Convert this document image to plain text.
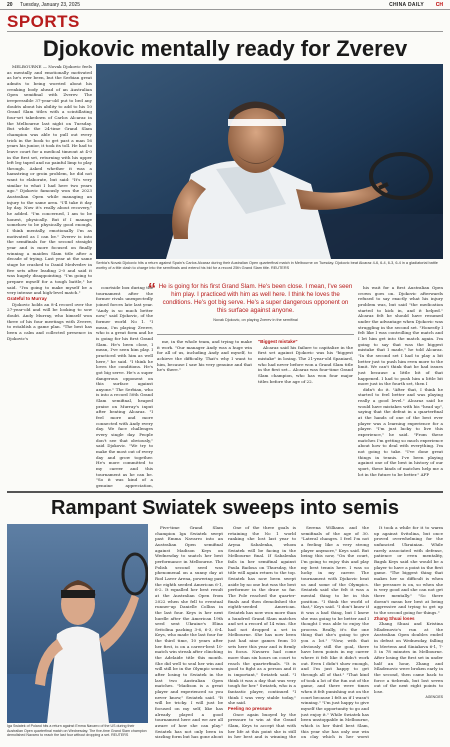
20 Tuesday, January 23, 2025	CHINA DAILY CH
SPORTS
Djokovic mentally ready for Zverev

MELBOURNE — Novak Djokovic feels as mentally and emotionally motivated as he's ever been, but the Serbian great admits to being worried about his creaking body ahead of an Australian Open semifinal with Zverev. The irrepressible 37-year-old put to bed any doubts about his ability to add to his 10 Grand Slam titles with a scintillating four-set takedown of Carlos Alcaraz in the Melbourne last night on Tuesday. But while the 24-time Grand Slam champion was able to pull out every trick in the book to get past a man 16 years his junior, it took its toll. He had to leave court for a medical timeout at 4-0 in the first set, returning with his upper left leg taped and no painful limp to play through. Asked whether it was a hamstring or groin problem, he did not want to elaborate, but said: "It's very similar to what I had here two years ago." Djokovic famously won the 2023 Australian Open while managing an injury to the same area. "I'll take it day by day. Now it's really about recovery," he added. "I'm concerned, I am to be honest, physically. But if I manage somehow to be physically good enough, I think mentally, emotionally I'm as motivated as I can be." Zverev is into the semifinals for the second straight year and is more focused on finally winning a maiden Slam title after a decade of trying. Last year at the same stage he crashed to Daniil Medvedev in five sets after leading 2-0 and said it was hugely disappointing. "I'm going to prepare myself for a tough battle," he said. "I'm going to make myself be a very intense and high-level match."

Grateful to Murray

Djokovic holds an 8-4 record over the 27-year-old and will be looking to sow doubt. Andy Murray, who himself won three of his four meetings with Zverev, to establish a game plan. "The best has been a calm and collected presence in Djokovic's

Serbia's Novak Djokovic hits a return against Spain's Carlos Alcaraz during their Australian Open quarterfinal match in Melbourne on Tuesday. Djokovic beat Alcaraz 4-6, 6-4, 6-3, 6-4 in a gladiatorial battle worthy of a title clash to charge into the semifinals and extend his bid for a record 25th Grand Slam title. REUTERS

courtside box during the tournament after the former rivals unexpectedly joined forces late last year. "Andy is so much better now," said Djokovic, of the former world No 1. "I mean, I'm playing Zverev, who is a great form and he is going for his first Grand Slam. He's been close, I mean, I've seen him play. I practiced with him as well here," he said. "I think he loves the conditions. He's got big serve. He's a super dangerous opponent on this surface against anyone." The Serbian, who is into a record 50th Grand Slam semifinal, heaped praise on Murray's input after beating Alcaraz. "I feel more and more connected with Andy every day. We face challenges every single day. People don't see that obviously," said Djokovic. "We try to make the most out of every day and grow together. He's more committed to my career and this tournament as he can be. "So it was kind of a genuine appreciation,

“ He is going for his first Grand Slam. He's been close. I mean, I've seen him play. I practiced with him as well here. I think he loves the conditions. He's got big serve. He's a super dangerous opponent on this surface against anyone.
Novak Djokovic, on playing Zverev in the semifinal

me, in the whole team, and trying to make it work. "Our manager Andy was a huge win for all of us, including Andy and myself, to achieve the difficulty. That's why I want to him, because I saw his very genuine and that he's there."

"Biggest mistake"

Alcaraz said his failure to capitalize in the first set against Djokovic was his "biggest mistake" in losing. The 21-year-old Spaniard, who had never before won a Grand Slam title in the first set... Alcaraz was four-time Grand Slam champion, who has won four major titles before the age of 22.

his wait for a first Australian Open crown goes on. Djokovic afterwards refused to say exactly what his injury problem was, but said "the medication started to kick in, and it helped." Alcaraz felt he should have resumed under the advantage when Djokovic was struggling in the second set. "Honestly I felt like I was controlling the match and I let him get into the match again. I'm going to say that was the biggest mistake that I made," he told Alcaraz. "In the second set I had to play a bit better just to push him even more to the limit. We can't think that he had issues just because a little bit of that happened. I had to push him a little bit more just in the fourth set, then I

didn't do it. "After that, I think he started to feel better and was playing really a good level." Alcaraz said he would have mistakes with his "head up", saying that the defeat in a quarterfinal at the hands of one of the best ever player was a learning experience for a player. "I'm just lucky to live this experience," he said. "From these matches I'm getting so much experience about how to deal with everything. I'm not going to take. "I've done great things in tennis. I've been playing against one of the best in history of our sport, these kinds of matches help me a lot in the future to be better." AFP

Rampant Swiatek sweeps into semis
Iga Swiatek of Poland hits a return against Emma Navarro of the US during their Australian Open quarterfinal match on Wednesday. The five-time Grand Slam champion demolished Navarro to reach the last four without dropping a set. REUTERS

Five-time Grand Slam champion Iga Swiatek swept past Emma Navarro into an Australian Open semifinal against Madison Keys on Wednesday to snatch her best performance in Melbourne. The Polish second seed was phenomenal on a sunny day at Rod Laver Arena, powering past the eighth seeded American 6-1, 6-2. It equalled her best result at the Australian Open from 2022 when she fell to eventual runner-up Danielle Collins in the last four. Keys is her next hurdle after the American 19th seed sent Ukraine's Elina Svitolina packing 3-6, 6-3, 6-4. Keys, who made the last four for the third time, 10 years after her first, is on a career-best 10-match win streak after clinching the Adelaide title this month. She did well to seal her win and will still be in the Olympic semis after losing to Swiatek in the last two Australian Open matches. "Madison is a great player and experienced so you never know," Swiatek said. "It will be tricky. I will just be focused on my self, like has already played a good tournament here and we are all aware of how she can play." Swiatek has not only been in sizzling form but has gone about

One of the three goals is retaining the No 1 world ranking she lost last year to Aryna Sabalenka, whom Swiatek will be facing in the Melbourne final. If Sabalenka fails in her semifinal against Paula Badosa on Thursday, the title will again return to the top. Swiatek has now been swept aside by no one but was the best performer in the draw so far. The Pole reached the quarter-finals and then demolished the eighth-seeded American. Swiatek has now won more than a hundred Grand Slam matches and set a record of 14 wins. She had not dropped a set in Melbourne. She has now been just had nine games from 10 sets here this year and is firmly in focus. Navarro had come more than six hours on court to reach the quarterfinals. "It is good to fight as a person and it is important," Swiatek said. "I think it was a day that was very tough for her." Swiatek, who is a fantastic player, continued "I think I was very stable today," she said.

Feeling no pressure

Once again buoyed by the pressure to win at the Grand Slam, Keys to accept that with her life at this point she is still in her best and is winning the

Serena Williams and the semifinals of the age of 30. "Lateral changes. I feel I'm not a feeling like a very strong player anymore," Keys said. But being this now, "On the court, I'm going to enjoy this and play my best tennis here. I was so lucky in my career. The tournament with Djokovic beat us and some of the Olympics. Swiatek said she felt it was a mental thing to be in this position. "I think the world of that," Keys said. "I don't know if it was a bad thing, but I knew she was going to be better and I thought I was able to enjoy the process. Really, it's the one thing that she's going to give you a lot." "Now, with that obviously still the goal, there have been points in my career where it felt like it didn't work out. Even I didn't show enough, and I'm just happy to get through all of that." "That kind of took a lot of the fun out of the game, and there were times when it felt punishing out on the court because I felt as if I wasn't winning." "I'm just happy to give myself the opportunity to go and just enjoy it." While Swiatek has been unstoppable in Melbourne, which is her third best Slam, this year she has only one win on clay which is her worst

It took a while for it to warm up against Svitolina, but once proved overwhelming for the unfancied Ukrainian. While rarely associated with defense, patience or even mentality, Bagsk Keys said she would be a player to have a point in the first game. "The biggest thing that makes her so difficult is when the pressure is on, so when she is very good and she can not get there mentally." "So there doesn't mean her best at being aggressive and trying to get up to the second going for things."

Zhang Shuai loses

Zhang Shuai and Kristina Mladenovic's run at the Australian Open doubles ended in defeat on Wednesday, falling to Mertens and Siniakova 6-1, 7-5 in 78 minutes in Melbourne. After losing the first set in under half an hour, Zhang and Mladenovic were broken early in the second, then came back to force a tiebreak, but lost seven out of the next eight points to lose.

AGENCIES
